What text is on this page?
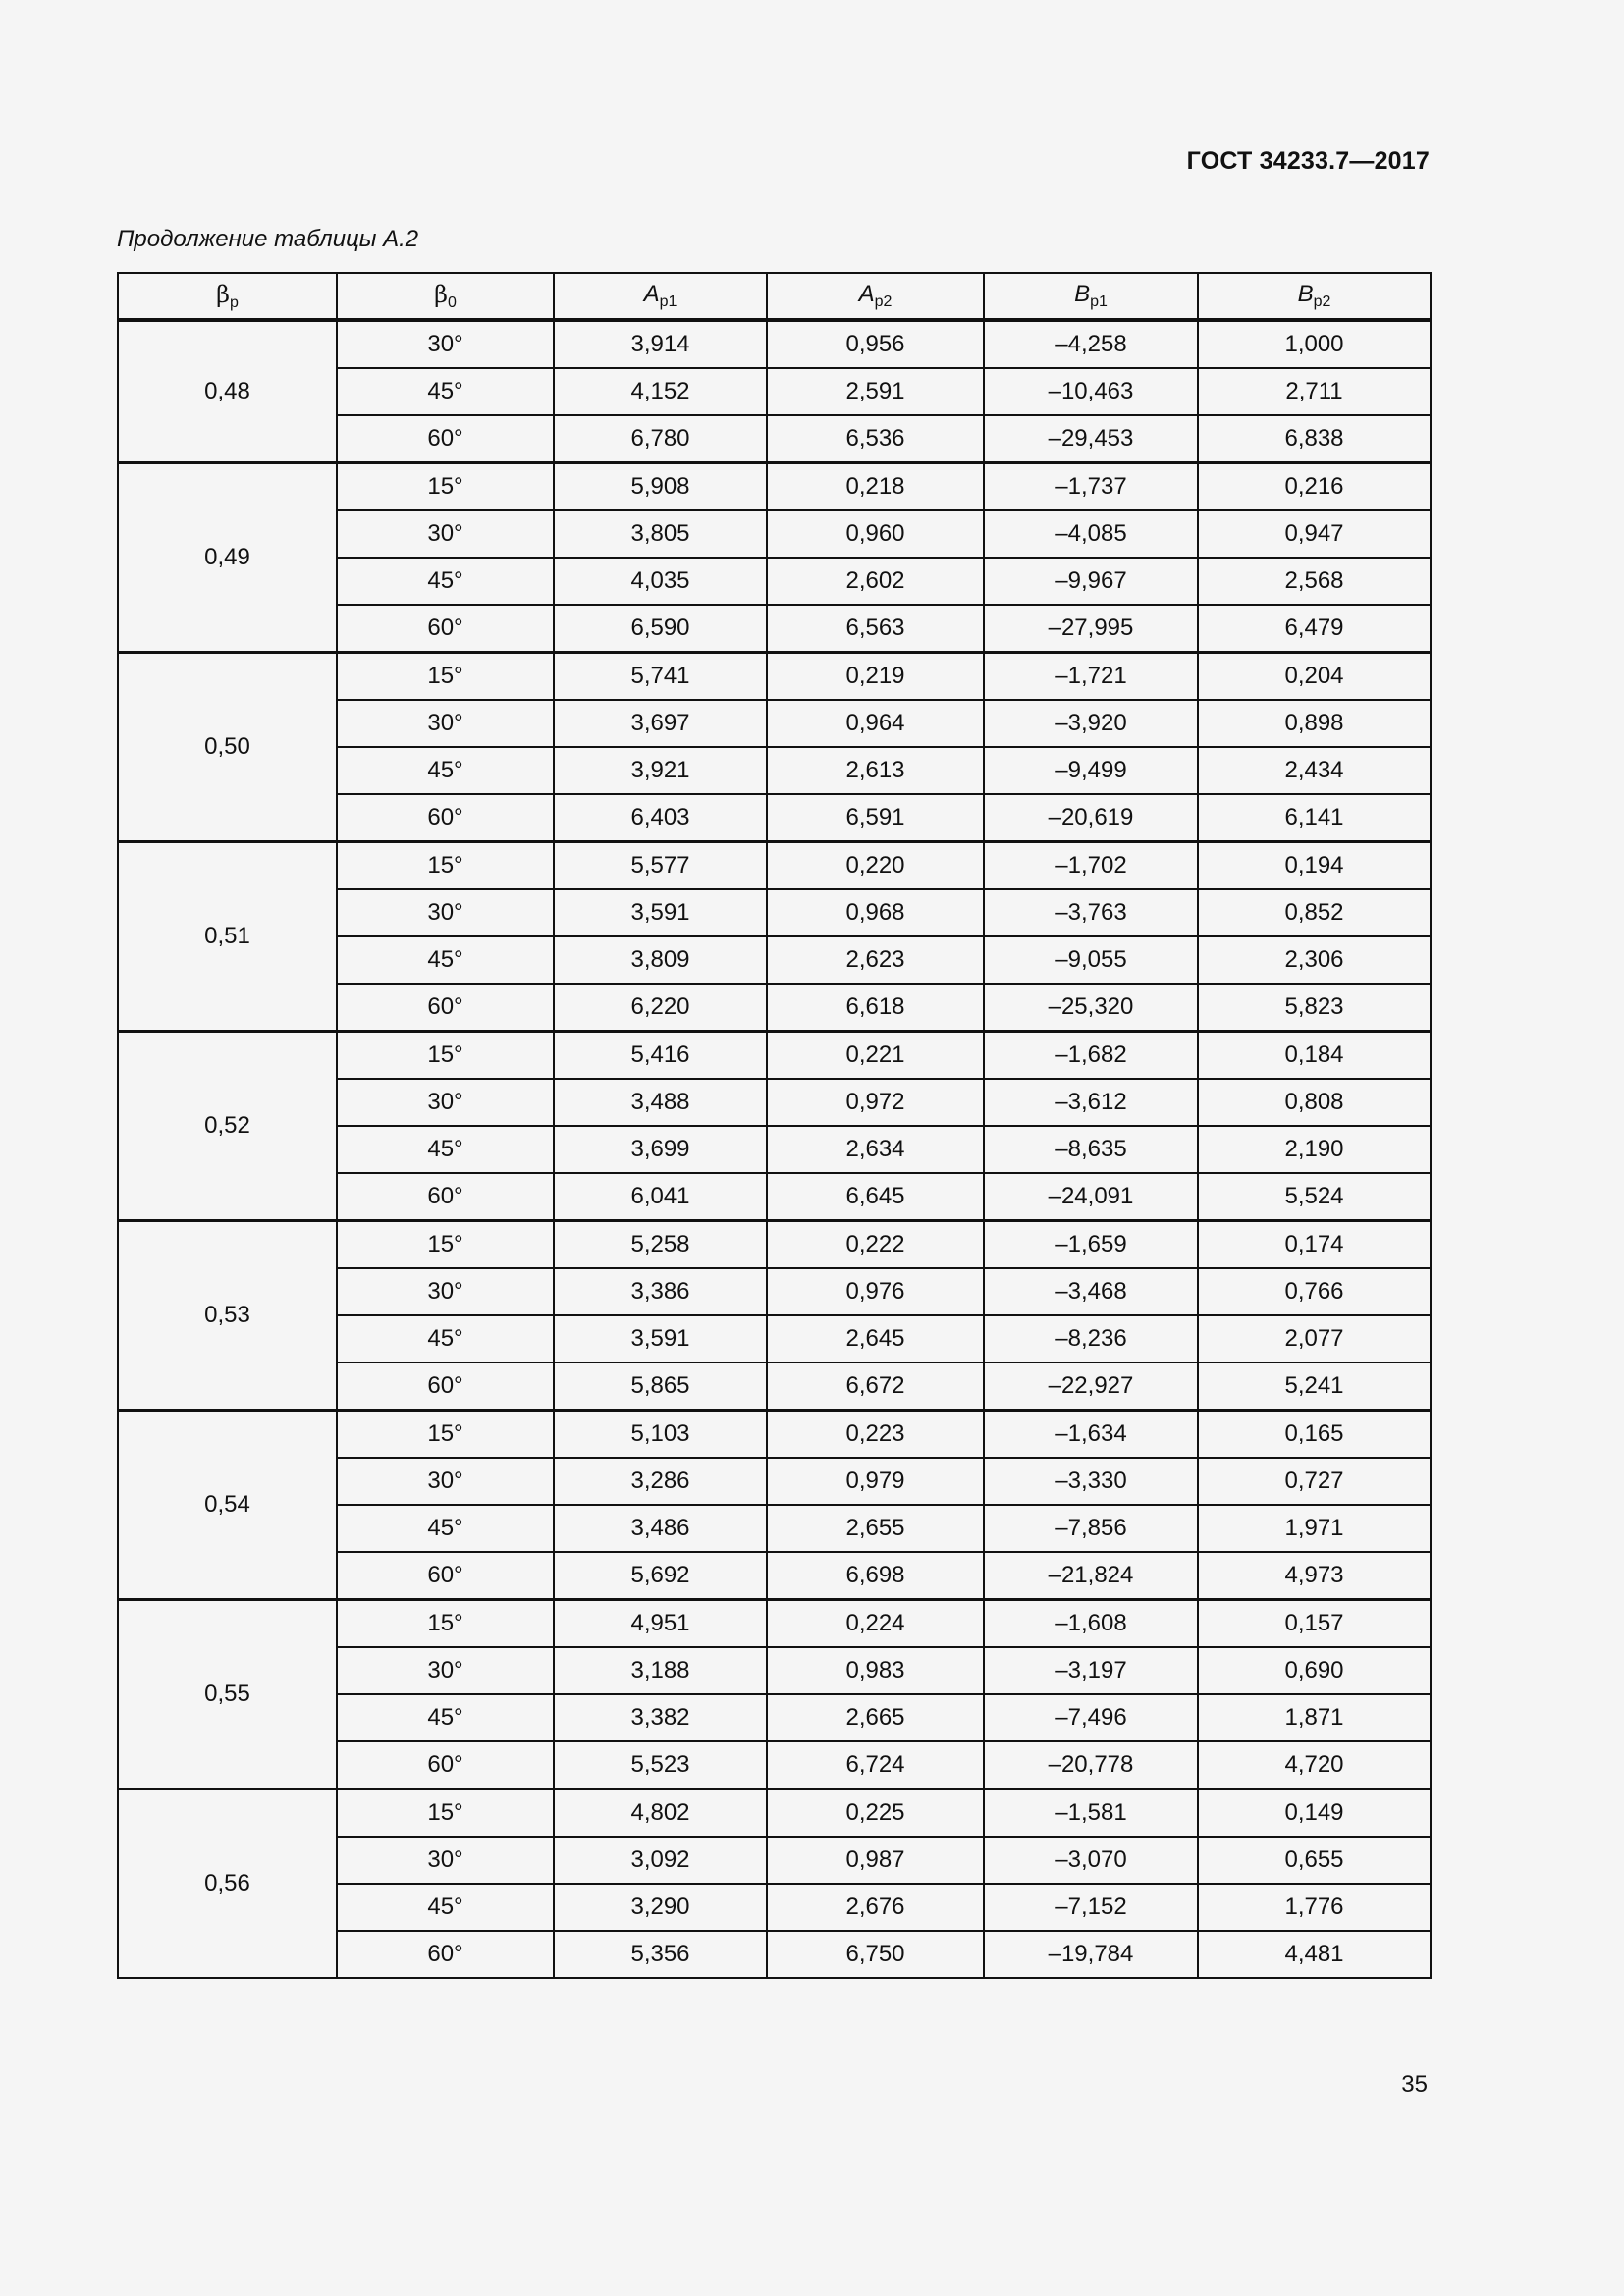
ГОСТ 34233.7—2017
Продолжение таблицы А.2
$\beta_р$	$\beta_0$	$A_{р1}$	$A_{р2}$	$B_{р1}$	$B_{р2}$
0,48	30°	3,914	0,956	–4,258	1,000
	45°	4,152	2,591	–10,463	2,711
	60°	6,780	6,536	–29,453	6,838
0,49	15°	5,908	0,218	–1,737	0,216
	30°	3,805	0,960	–4,085	0,947
	45°	4,035	2,602	–9,967	2,568
	60°	6,590	6,563	–27,995	6,479
0,50	15°	5,741	0,219	–1,721	0,204
	30°	3,697	0,964	–3,920	0,898
	45°	3,921	2,613	–9,499	2,434
	60°	6,403	6,591	–20,619	6,141
0,51	15°	5,577	0,220	–1,702	0,194
	30°	3,591	0,968	–3,763	0,852
	45°	3,809	2,623	–9,055	2,306
	60°	6,220	6,618	–25,320	5,823
0,52	15°	5,416	0,221	–1,682	0,184
	30°	3,488	0,972	–3,612	0,808
	45°	3,699	2,634	–8,635	2,190
	60°	6,041	6,645	–24,091	5,524
0,53	15°	5,258	0,222	–1,659	0,174
	30°	3,386	0,976	–3,468	0,766
	45°	3,591	2,645	–8,236	2,077
	60°	5,865	6,672	–22,927	5,241
0,54	15°	5,103	0,223	–1,634	0,165
	30°	3,286	0,979	–3,330	0,727
	45°	3,486	2,655	–7,856	1,971
	60°	5,692	6,698	–21,824	4,973
0,55	15°	4,951	0,224	–1,608	0,157
	30°	3,188	0,983	–3,197	0,690
	45°	3,382	2,665	–7,496	1,871
	60°	5,523	6,724	–20,778	4,720
0,56	15°	4,802	0,225	–1,581	0,149
	30°	3,092	0,987	–3,070	0,655
	45°	3,290	2,676	–7,152	1,776
	60°	5,356	6,750	–19,784	4,481
35
